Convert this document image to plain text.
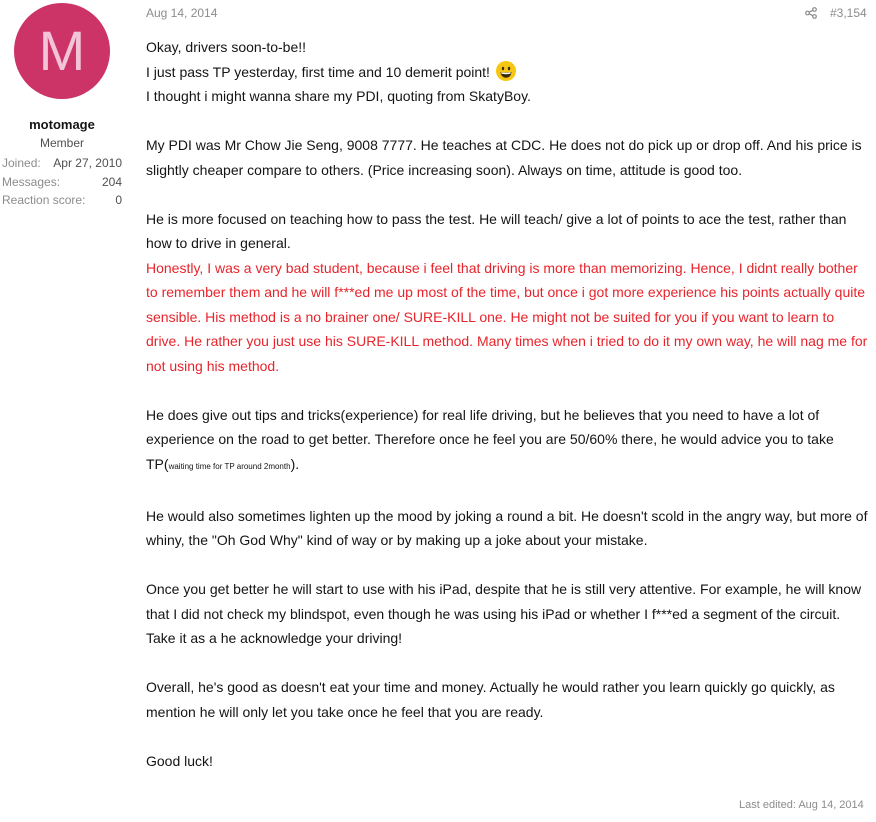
M
motomage
Member
Joined: Apr 27, 2010
Messages:	204
Reaction score: 0
Aug 14, 2014	#3,154

Okay, drivers soon-to-be!!

I just pass TP yesterday, first time and 10 demerit point!

I thought i might wanna share my PDI, quoting from SkatyBoy.

My PDI was Mr Chow Jie Seng, 9008 7777. He teaches at CDC. He does not do pick up or drop off. And his price is slightly cheaper compare to others. (Price increasing soon). Always on time, attitude is good too.

He is more focused on teaching how to pass the test. He will teach/ give a lot of points to ace the test, rather than how to drive in general.

Honestly, I was a very bad student, because i feel that driving is more than memorizing. Hence, I didnt really bother to remember them and he will f***ed me up most of the time, but once i got more experience his points actually quite sensible. His method is a no brainer one/ SURE-KILL one. He might not be suited for you if you want to learn to drive. He rather you just use his SURE-KILL method. Many times when i tried to do it my own way, he will nag me for not using his method.

He does give out tips and tricks(experience) for real life driving, but he believes that you need to have a lot of experience on the road to get better. Therefore once he feel you are 50/60% there, he would advice you to take TP(waiting time for TP around 2month).

He would also sometimes lighten up the mood by joking a round a bit. He doesn't scold in the angry way, but more of whiny, the "Oh God Why" kind of way or by making up a joke about your mistake.

Once you get better he will start to use with his iPad, despite that he is still very attentive. For example, he will know that I did not check my blindspot, even though he was using his iPad or whether I f***ed a segment of the circuit.

Take it as a he acknowledge your driving!

Overall, he's good as doesn't eat your time and money. Actually he would rather you learn quickly go quickly, as mention he will only let you take once he feel that you are ready.

Good luck!

Last edited: Aug 14, 2014
